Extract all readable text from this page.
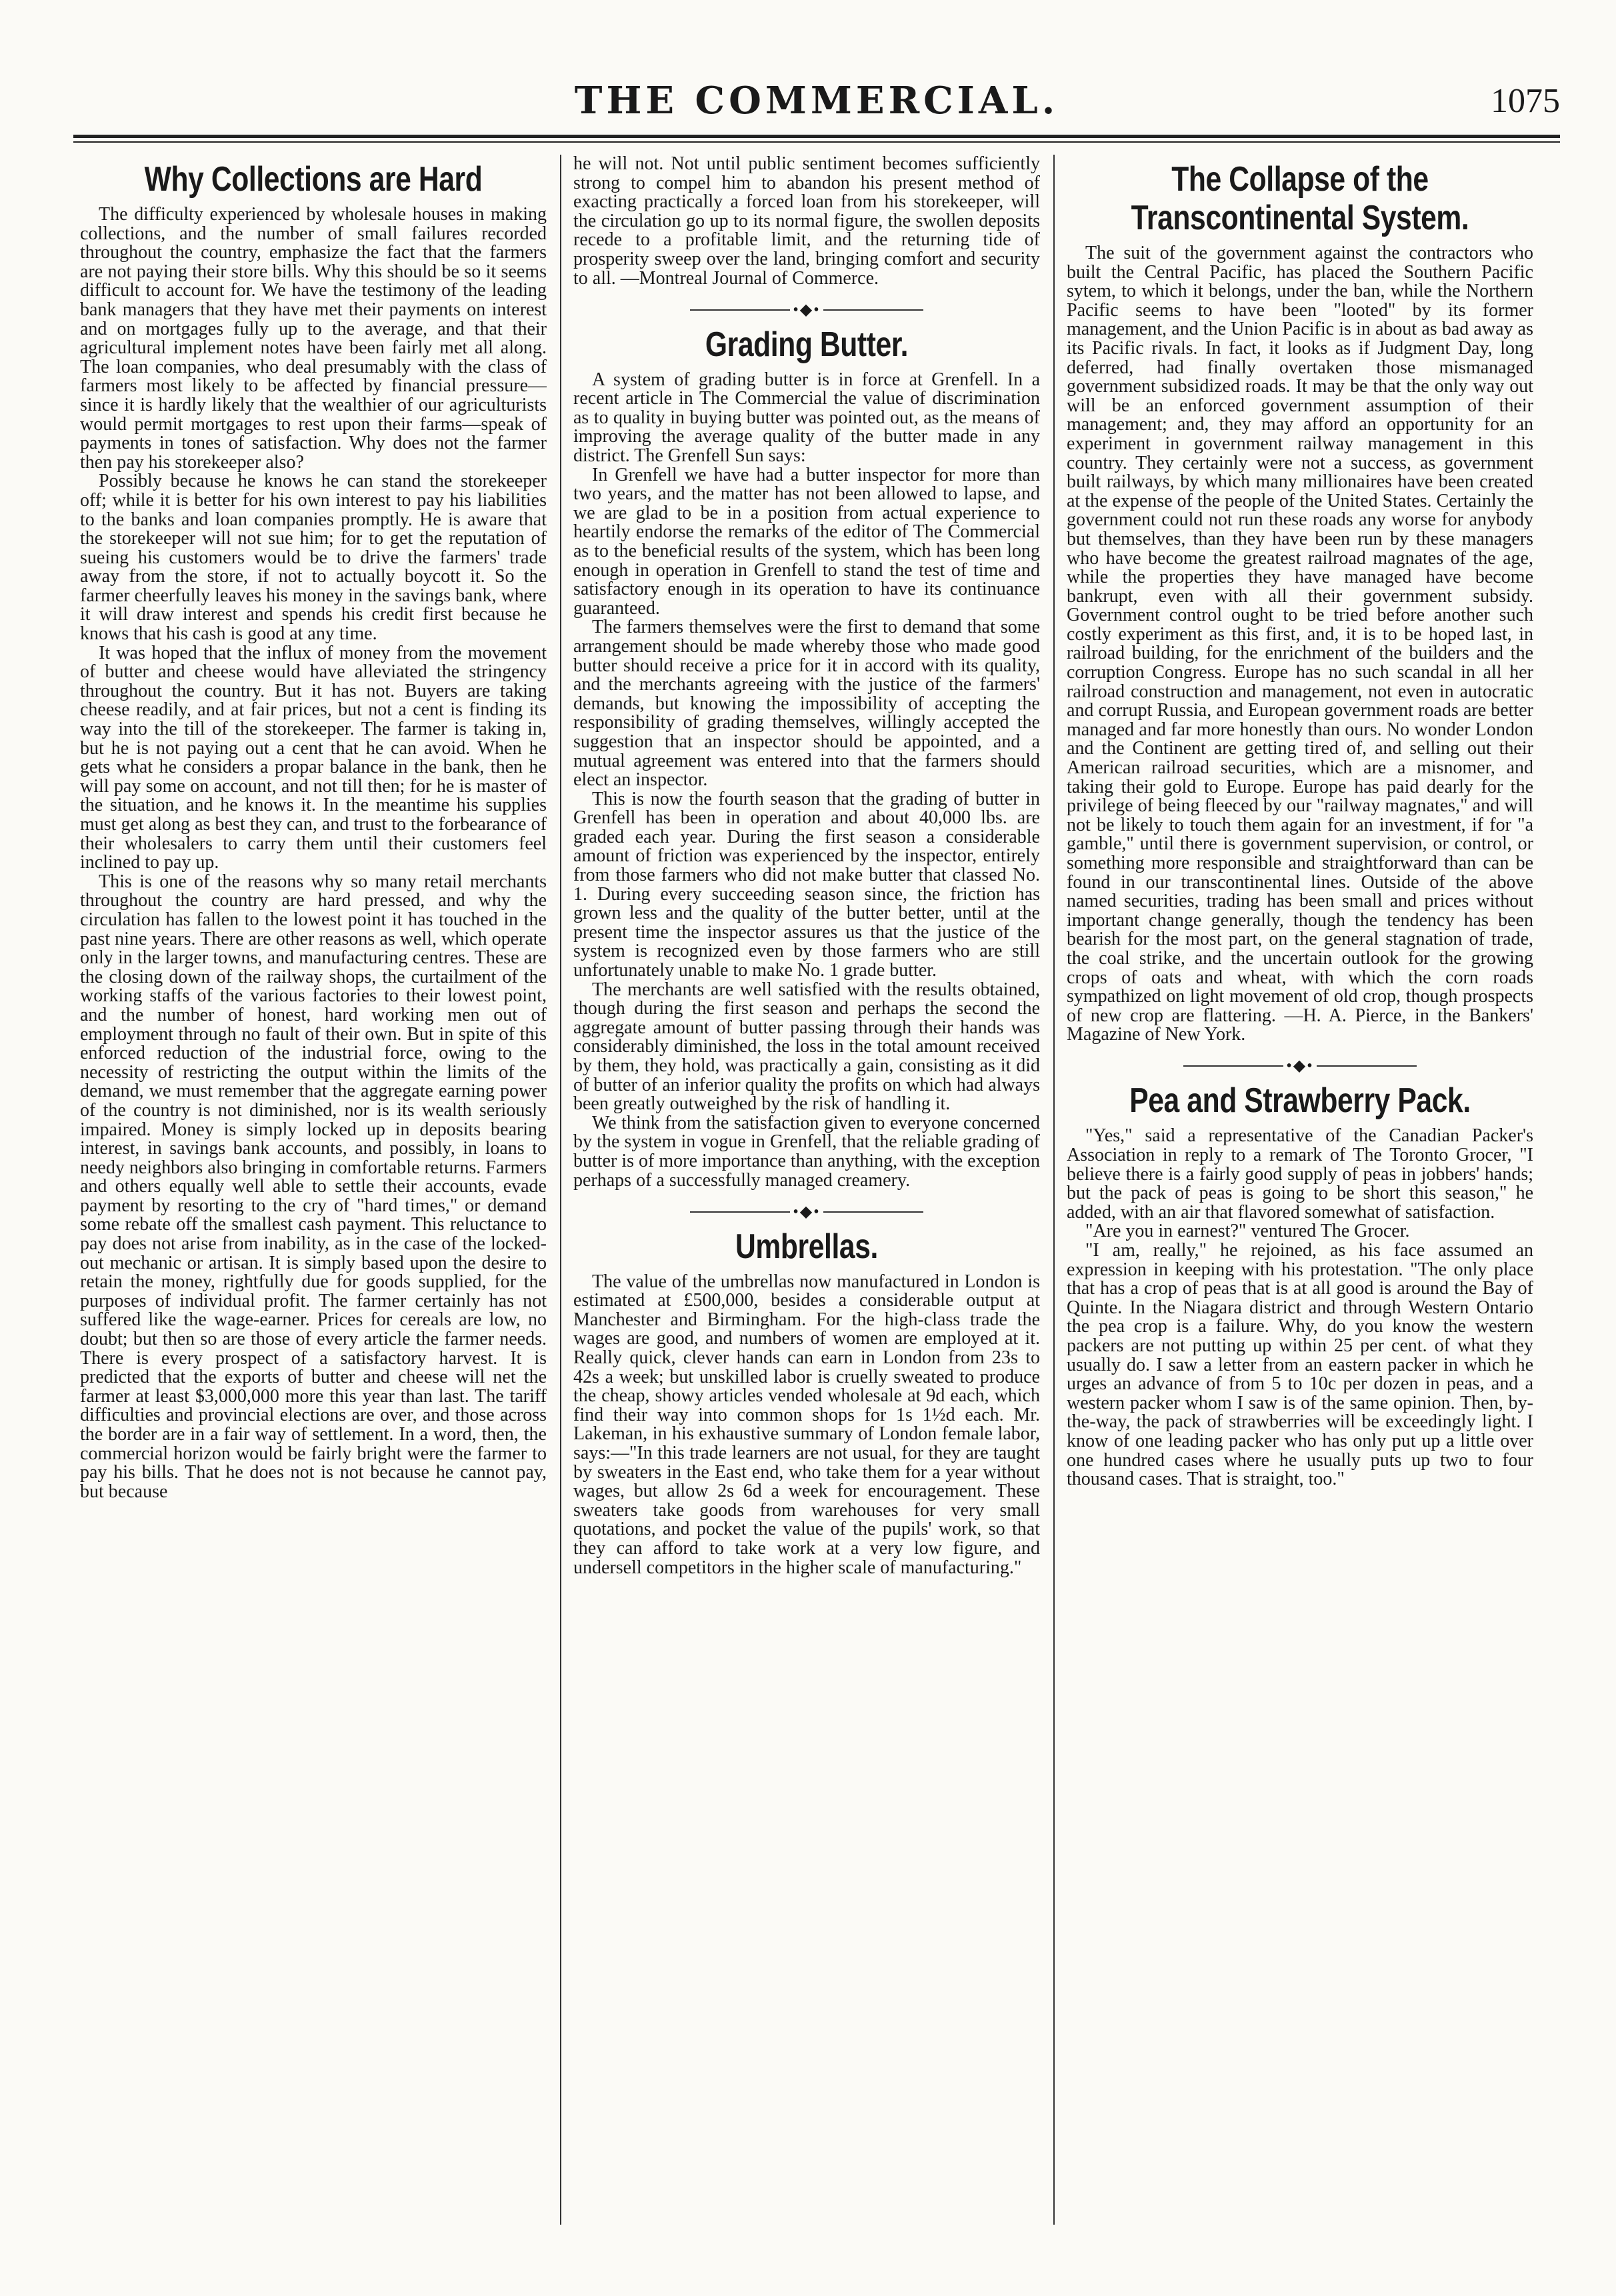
THE COMMERCIAL.	1075
Why Collections are Hard

The difficulty experienced by wholesale houses in making collections, and the number of small failures recorded throughout the country, emphasize the fact that the farmers are not paying their store bills. Why this should be so it seems difficult to account for. We have the testimony of the leading bank managers that they have met their payments on interest and on mortgages fully up to the average, and that their agricultural implement notes have been fairly met all along. The loan companies, who deal presumably with the class of farmers most likely to be affected by financial pressure—since it is hardly likely that the wealthier of our agriculturists would permit mortgages to rest upon their farms—speak of payments in tones of satisfaction. Why does not the farmer then pay his storekeeper also?

Possibly because he knows he can stand the storekeeper off; while it is better for his own interest to pay his liabilities to the banks and loan companies promptly. He is aware that the storekeeper will not sue him; for to get the reputation of sueing his customers would be to drive the farmers' trade away from the store, if not to actually boycott it. So the farmer cheerfully leaves his money in the savings bank, where it will draw interest and spends his credit first because he knows that his cash is good at any time.

It was hoped that the influx of money from the movement of butter and cheese would have alleviated the stringency throughout the country. But it has not. Buyers are taking cheese readily, and at fair prices, but not a cent is finding its way into the till of the storekeeper. The farmer is taking in, but he is not paying out a cent that he can avoid. When he gets what he considers a propar balance in the bank, then he will pay some on account, and not till then; for he is master of the situation, and he knows it. In the meantime his supplies must get along as best they can, and trust to the forbearance of their wholesalers to carry them until their customers feel inclined to pay up.

This is one of the reasons why so many retail merchants throughout the country are hard pressed, and why the circulation has fallen to the lowest point it has touched in the past nine years. There are other reasons as well, which operate only in the larger towns, and manufacturing centres. These are the closing down of the railway shops, the curtailment of the working staffs of the various factories to their lowest point, and the number of honest, hard working men out of employment through no fault of their own. But in spite of this enforced reduction of the industrial force, owing to the necessity of restricting the output within the limits of the demand, we must remember that the aggregate earning power of the country is not diminished, nor is its wealth seriously impaired. Money is simply locked up in deposits bearing interest, in savings bank accounts, and possibly, in loans to needy neighbors also bringing in comfortable returns. Farmers and others equally well able to settle their accounts, evade payment by resorting to the cry of "hard times," or demand some rebate off the smallest cash payment. This reluctance to pay does not arise from inability, as in the case of the locked-out mechanic or artisan. It is simply based upon the desire to retain the money, rightfully due for goods supplied, for the purposes of individual profit. The farmer certainly has not suffered like the wage-earner. Prices for cereals are low, no doubt; but then so are those of every article the farmer needs. There is every prospect of a satisfactory harvest. It is predicted that the exports of butter and cheese will net the farmer at least $3,000,000 more this year than last. The tariff difficulties and provincial elections are over, and those across the border are in a fair way of settlement. In a word, then, the commercial horizon would be fairly bright were the farmer to pay his bills. That he does not is not because he cannot pay, but because

he will not. Not until public sentiment becomes sufficiently strong to compel him to abandon his present method of exacting practically a forced loan from his storekeeper, will the circulation go up to its normal figure, the swollen deposits recede to a profitable limit, and the returning tide of prosperity sweep over the land, bringing comfort and security to all. —Montreal Journal of Commerce.

•◆•
Grading Butter.

A system of grading butter is in force at Grenfell. In a recent article in The Commercial the value of discrimination as to quality in buying butter was pointed out, as the means of improving the average quality of the butter made in any district. The Grenfell Sun says:

In Grenfell we have had a butter inspector for more than two years, and the matter has not been allowed to lapse, and we are glad to be in a position from actual experience to heartily endorse the remarks of the editor of The Commercial as to the beneficial results of the system, which has been long enough in operation in Grenfell to stand the test of time and satisfactory enough in its operation to have its continuance guaranteed.

The farmers themselves were the first to demand that some arrangement should be made whereby those who made good butter should receive a price for it in accord with its quality, and the merchants agreeing with the justice of the farmers' demands, but knowing the impossibility of accepting the responsibility of grading themselves, willingly accepted the suggestion that an inspector should be appointed, and a mutual agreement was entered into that the farmers should elect an inspector.

This is now the fourth season that the grading of butter in Grenfell has been in operation and about 40,000 lbs. are graded each year. During the first season a considerable amount of friction was experienced by the inspector, entirely from those farmers who did not make butter that classed No. 1. During every succeeding season since, the friction has grown less and the quality of the butter better, until at the present time the inspector assures us that the justice of the system is recognized even by those farmers who are still unfortunately unable to make No. 1 grade butter.

The merchants are well satisfied with the results obtained, though during the first season and perhaps the second the aggregate amount of butter passing through their hands was considerably diminished, the loss in the total amount received by them, they hold, was practically a gain, consisting as it did of butter of an inferior quality the profits on which had always been greatly outweighed by the risk of handling it.

We think from the satisfaction given to everyone concerned by the system in vogue in Grenfell, that the reliable grading of butter is of more importance than anything, with the exception perhaps of a successfully managed creamery.

•◆•
Umbrellas.

The value of the umbrellas now manufactured in London is estimated at £500,000, besides a considerable output at Manchester and Birmingham. For the high-class trade the wages are good, and numbers of women are employed at it. Really quick, clever hands can earn in London from 23s to 42s a week; but unskilled labor is cruelly sweated to produce the cheap, showy articles vended wholesale at 9d each, which find their way into common shops for 1s 1½d each. Mr. Lakeman, in his exhaustive summary of London female labor, says:—"In this trade learners are not usual, for they are taught by sweaters in the East end, who take them for a year without wages, but allow 2s 6d a week for encouragement. These sweaters take goods from warehouses for very small quotations, and pocket the value of the pupils' work, so that they can afford to take work at a very low figure, and undersell competitors in the higher scale of manufacturing."

The Collapse of the Transcontinental System.

The suit of the government against the contractors who built the Central Pacific, has placed the Southern Pacific sytem, to which it belongs, under the ban, while the Northern Pacific seems to have been "looted" by its former management, and the Union Pacific is in about as bad away as its Pacific rivals. In fact, it looks as if Judgment Day, long deferred, had finally overtaken those mismanaged government subsidized roads. It may be that the only way out will be an enforced government assumption of their management; and, they may afford an opportunity for an experiment in government railway management in this country. They certainly were not a success, as government built railways, by which many millionaires have been created at the expense of the people of the United States. Certainly the government could not run these roads any worse for anybody but themselves, than they have been run by these managers who have become the greatest railroad magnates of the age, while the properties they have managed have become bankrupt, even with all their government subsidy. Government control ought to be tried before another such costly experiment as this first, and, it is to be hoped last, in railroad building, for the enrichment of the builders and the corruption Congress. Europe has no such scandal in all her railroad construction and management, not even in autocratic and corrupt Russia, and European government roads are better managed and far more honestly than ours. No wonder London and the Continent are getting tired of, and selling out their American railroad securities, which are a misnomer, and taking their gold to Europe. Europe has paid dearly for the privilege of being fleeced by our "railway magnates," and will not be likely to touch them again for an investment, if for "a gamble," until there is government supervision, or control, or something more responsible and straightforward than can be found in our transcontinental lines. Outside of the above named securities, trading has been small and prices without important change generally, though the tendency has been bearish for the most part, on the general stagnation of trade, the coal strike, and the uncertain outlook for the growing crops of oats and wheat, with which the corn roads sympathized on light movement of old crop, though prospects of new crop are flattering. —H. A. Pierce, in the Bankers' Magazine of New York.

•◆•
Pea and Strawberry Pack.

"Yes," said a representative of the Canadian Packer's Association in reply to a remark of The Toronto Grocer, "I believe there is a fairly good supply of peas in jobbers' hands; but the pack of peas is going to be short this season," he added, with an air that flavored somewhat of satisfaction.

"Are you in earnest?" ventured The Grocer.

"I am, really," he rejoined, as his face assumed an expression in keeping with his protestation. "The only place that has a crop of peas that is at all good is around the Bay of Quinte. In the Niagara district and through Western Ontario the pea crop is a failure. Why, do you know the western packers are not putting up within 25 per cent. of what they usually do. I saw a letter from an eastern packer in which he urges an advance of from 5 to 10c per dozen in peas, and a western packer whom I saw is of the same opinion. Then, by-the-way, the pack of strawberries will be exceedingly light. I know of one leading packer who has only put up a little over one hundred cases where he usually puts up two to four thousand cases. That is straight, too."
